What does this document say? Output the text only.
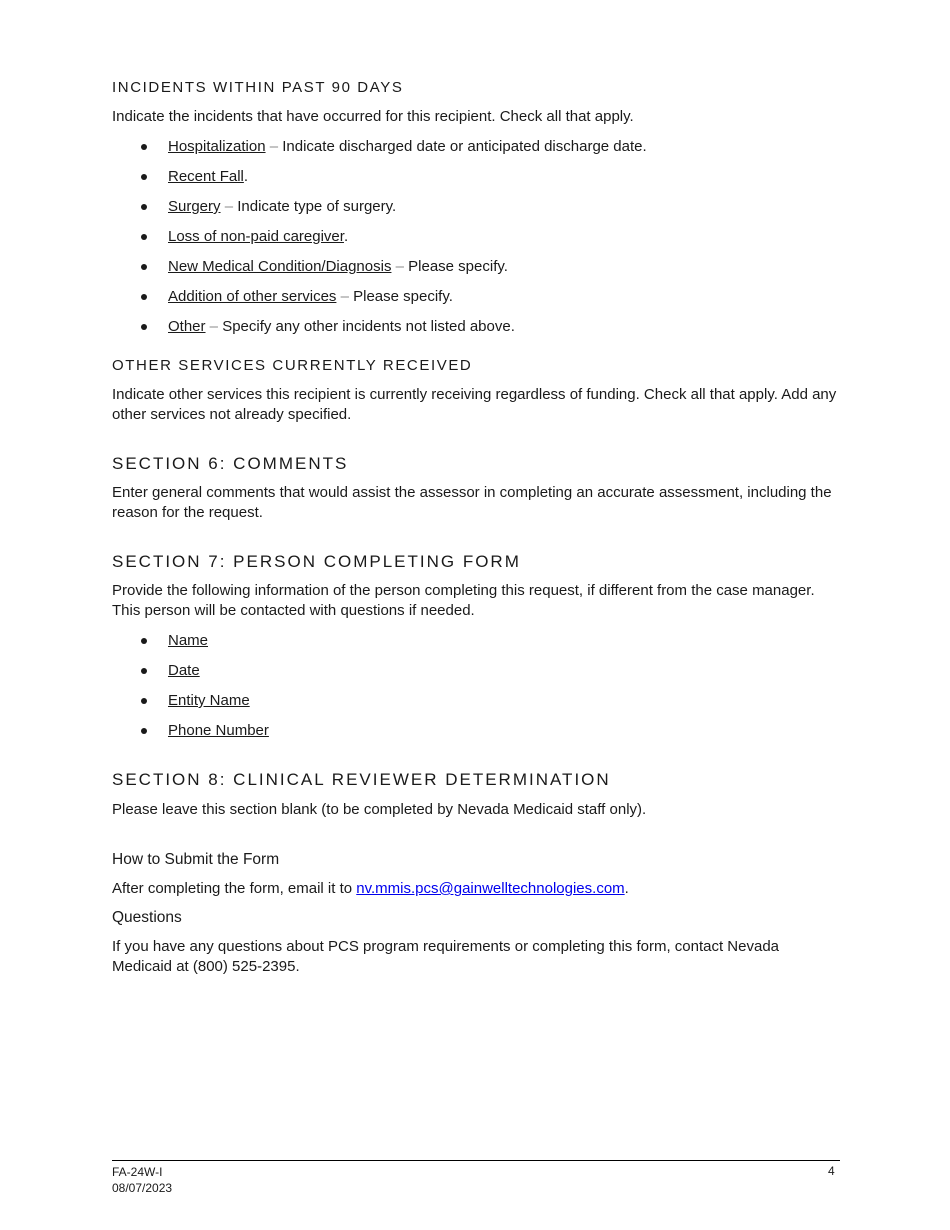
INCIDENTS WITHIN PAST 90 DAYS

Indicate the incidents that have occurred for this recipient. Check all that apply.

Hospitalization – Indicate discharged date or anticipated discharge date.
Recent Fall.
Surgery – Indicate type of surgery.
Loss of non-paid caregiver.
New Medical Condition/Diagnosis – Please specify.
Addition of other services – Please specify.
Other – Specify any other incidents not listed above.
OTHER SERVICES CURRENTLY RECEIVED

Indicate other services this recipient is currently receiving regardless of funding. Check all that apply. Add any other services not already specified.

SECTION 6: COMMENTS

Enter general comments that would assist the assessor in completing an accurate assessment, including the reason for the request.

SECTION 7: PERSON COMPLETING FORM

Provide the following information of the person completing this request, if different from the case manager. This person will be contacted with questions if needed.

Name
Date
Entity Name
Phone Number
SECTION 8: CLINICAL REVIEWER DETERMINATION

Please leave this section blank (to be completed by Nevada Medicaid staff only).

How to Submit the Form

After completing the form, email it to nv.mmis.pcs@gainwelltechnologies.com.

Questions

If you have any questions about PCS program requirements or completing this form, contact Nevada Medicaid at (800) 525-2395.

FA-24W-I
08/07/2023
4
